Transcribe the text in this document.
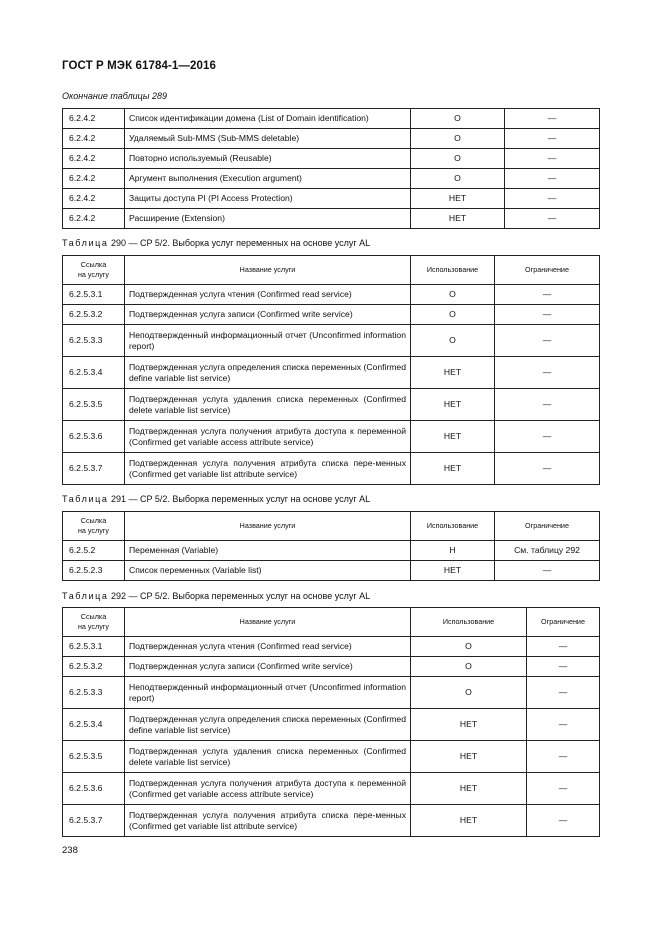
ГОСТ Р МЭК 61784-1—2016
Окончание таблицы 289
6.2.4.2	Список идентификации домена (List of Domain identification)	O	—
6.2.4.2	Удаляемый Sub-MMS (Sub-MMS deletable)	O	—
6.2.4.2	Повторно используемый (Reusable)	O	—
6.2.4.2	Аргумент выполнения (Execution argument)	O	—
6.2.4.2	Защиты доступа PI (PI Access Protection)	НЕТ	—
6.2.4.2	Расширение (Extension)	НЕТ	—
Таблица 290 — CP 5/2. Выборка услуг переменных на основе услуг AL
Ссылка
на услугу	Название услуги	Использование	Ограничение
6.2.5.3.1	Подтвержденная услуга чтения (Confirmed read service)	O	—
6.2.5.3.2	Подтвержденная услуга записи (Confirmed write service)	O	—
6.2.5.3.3	Неподтвержденный информационный отчет (Unconfirmed information report)	O	—
6.2.5.3.4	Подтвержденная услуга определения списка переменных (Confirmed define variable list service)	НЕТ	—
6.2.5.3.5	Подтвержденная услуга удаления списка переменных (Confirmed delete variable list service)	НЕТ	—
6.2.5.3.6	Подтвержденная услуга получения атрибута доступа к переменной (Confirmed get variable access attribute service)	НЕТ	—
6.2.5.3.7	Подтвержденная услуга получения атрибута списка пере-менных (Confirmed get variable list attribute service)	НЕТ	—
Таблица 291 — CP 5/2. Выборка переменных услуг на основе услуг AL
Ссылка
на услугу	Название услуги	Использование	Ограничение
6.2.5.2	Переменная (Variable)	Н	См. таблицу 292
6.2.5.2.3	Список переменных (Variable list)	НЕТ	—
Таблица 292 — CP 5/2. Выборка переменных услуг на основе услуг AL
Ссылка
на услугу	Название услуги	Использование	Ограничение
6.2.5.3.1	Подтвержденная услуга чтения (Confirmed read service)	O	—
6.2.5.3.2	Подтвержденная услуга записи (Confirmed write service)	O	—
6.2.5.3.3	Неподтвержденный информационный отчет (Unconfirmed information report)	O	—
6.2.5.3.4	Подтвержденная услуга определения списка переменных (Confirmed define variable list service)	НЕТ	—
6.2.5.3.5	Подтвержденная услуга удаления списка переменных (Confirmed delete variable list service)	НЕТ	—
6.2.5.3.6	Подтвержденная услуга получения атрибута доступа к переменной (Confirmed get variable access attribute service)	НЕТ	—
6.2.5.3.7	Подтвержденная услуга получения атрибута списка пере-менных (Confirmed get variable list attribute service)	НЕТ	—
238
